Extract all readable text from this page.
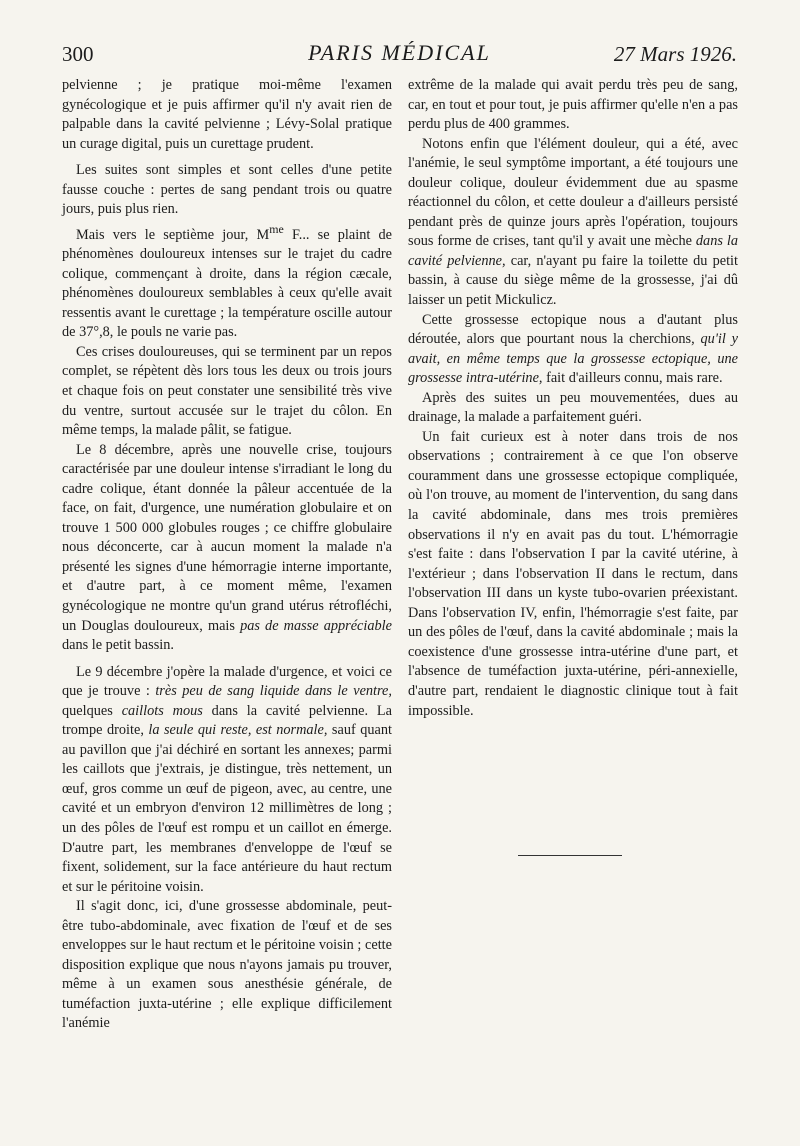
300	PARIS MÉDICAL	27 Mars 1926.

pelvienne ; je pratique moi-même l'examen gynécologique et je puis affirmer qu'il n'y avait rien de palpable dans la cavité pelvienne ; Lévy-Solal pratique un curage digital, puis un curettage prudent.

Les suites sont simples et sont celles d'une petite fausse couche : pertes de sang pendant trois ou quatre jours, puis plus rien.

Mais vers le septième jour, $M^{me}$ F... se plaint de phénomènes douloureux intenses sur le trajet du cadre colique, commençant à droite, dans la région cæcale, phénomènes douloureux semblables à ceux qu'elle avait ressentis avant le curettage ; la température oscille autour de 37°,8, le pouls ne varie pas.

Ces crises douloureuses, qui se terminent par un repos complet, se répètent dès lors tous les deux ou trois jours et chaque fois on peut constater une sensibilité très vive du ventre, surtout accusée sur le trajet du côlon. En même temps, la malade pâlit, se fatigue.

Le 8 décembre, après une nouvelle crise, toujours caractérisée par une douleur intense s'irradiant le long du cadre colique, étant donnée la pâleur accentuée de la face, on fait, d'urgence, une numération globulaire et on trouve 1 500 000 globules rouges ; ce chiffre globulaire nous déconcerte, car à aucun moment la malade n'a présenté les signes d'une hémorragie interne importante, et d'autre part, à ce moment même, l'examen gynécologique ne montre qu'un grand utérus rétrofléchi, un Douglas douloureux, mais pas de masse appréciable dans le petit bassin.

Le 9 décembre j'opère la malade d'urgence, et voici ce que je trouve : très peu de sang liquide dans le ventre, quelques caillots mous dans la cavité pelvienne. La trompe droite, la seule qui reste, est normale, sauf quant au pavillon que j'ai déchiré en sortant les annexes; parmi les caillots que j'extrais, je distingue, très nettement, un œuf, gros comme un œuf de pigeon, avec, au centre, une cavité et un embryon d'environ 12 millimètres de long ; un des pôles de l'œuf est rompu et un caillot en émerge. D'autre part, les membranes d'enveloppe de l'œuf se fixent, solidement, sur la face antérieure du haut rectum et sur le péritoine voisin.

Il s'agit donc, ici, d'une grossesse abdominale, peut-être tubo-abdominale, avec fixation de l'œuf et de ses enveloppes sur le haut rectum et le péritoine voisin ; cette disposition explique que nous n'ayons jamais pu trouver, même à un examen sous anesthésie générale, de tuméfaction juxta-utérine ; elle explique difficilement l'anémie

extrême de la malade qui avait perdu très peu de sang, car, en tout et pour tout, je puis affirmer qu'elle n'en a pas perdu plus de 400 grammes.

Notons enfin que l'élément douleur, qui a été, avec l'anémie, le seul symptôme important, a été toujours une douleur colique, douleur évidemment due au spasme réactionnel du côlon, et cette douleur a d'ailleurs persisté pendant près de quinze jours après l'opération, toujours sous forme de crises, tant qu'il y avait une mèche dans la cavité pelvienne, car, n'ayant pu faire la toilette du petit bassin, à cause du siège même de la grossesse, j'ai dû laisser un petit Mickulicz.

Cette grossesse ectopique nous a d'autant plus déroutée, alors que pourtant nous la cherchions, qu'il y avait, en même temps que la grossesse ectopique, une grossesse intra-utérine, fait d'ailleurs connu, mais rare.

Après des suites un peu mouvementées, dues au drainage, la malade a parfaitement guéri.

Un fait curieux est à noter dans trois de nos observations ; contrairement à ce que l'on observe couramment dans une grossesse ectopique compliquée, où l'on trouve, au moment de l'intervention, du sang dans la cavité abdominale, dans mes trois premières observations il n'y en avait pas du tout. L'hémorragie s'est faite : dans l'observation I par la cavité utérine, à l'extérieur ; dans l'observation II dans le rectum, dans l'observation III dans un kyste tubo-ovarien préexistant. Dans l'observation IV, enfin, l'hémorragie s'est faite, par un des pôles de l'œuf, dans la cavité abdominale ; mais la coexistence d'une grossesse intra-utérine d'une part, et l'absence de tuméfaction juxta-utérine, péri-annexielle, d'autre part, rendaient le diagnostic clinique tout à fait impossible.
